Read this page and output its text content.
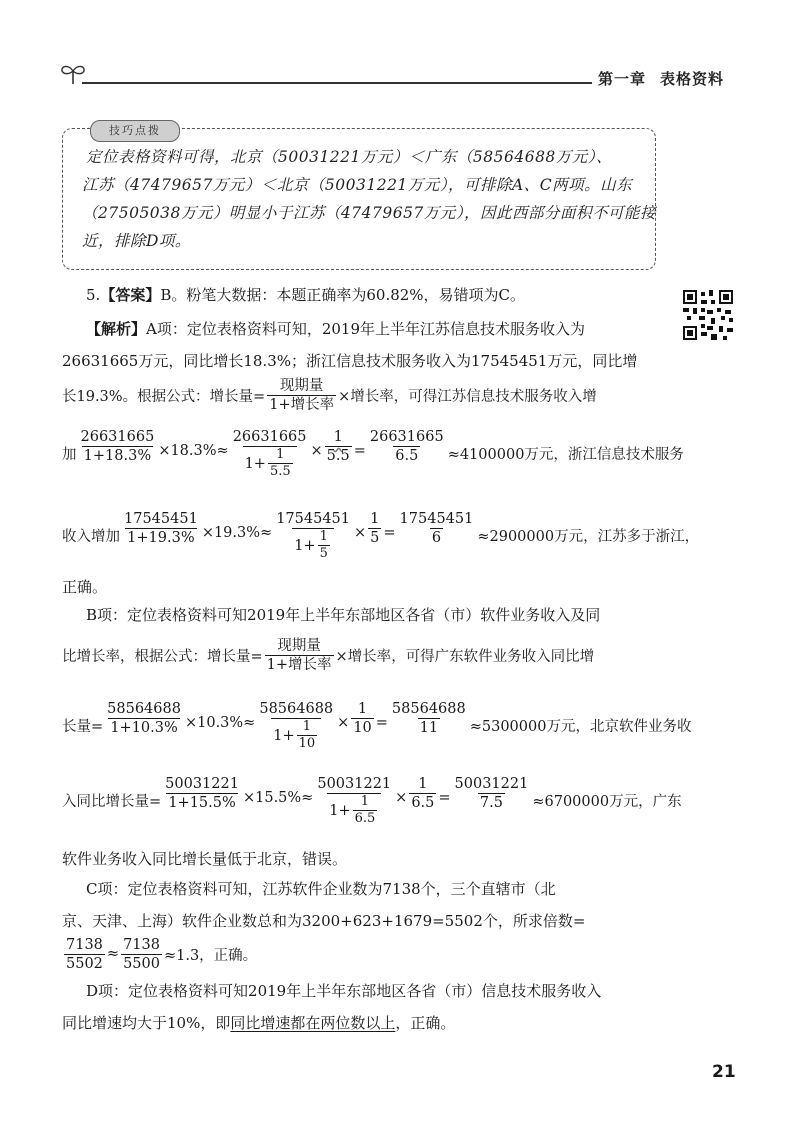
第一章 表格资料
技巧点拨
定位表格资料可得，北京（50031221万元）＜广东（58564688万元）、
江苏（47479657万元）＜北京（50031221万元），可排除A、C两项。山东
（27505038万元）明显小于江苏（47479657万元），因此西部分面积不可能接
近，排除D项。
5.【答案】B。粉笔大数据：本题正确率为60.82%，易错项为C。
【解析】A项：定位表格资料可知，2019年上半年江苏信息技术服务收入为
26631665万元，同比增长18.3%；浙江信息技术服务收入为17545451万元，同比增
长19.3%。根据公式：增长量= $\frac{\text{现期量}}{\text{1+增长率}}$ ×增长率 ，可得江苏信息技术服务收入增
加 $\frac{26631665}{1+18.3\%} \times 18.3\%\approx \frac{26631665}{1+ \frac{1}{5.5}} \times \frac{1}{5.5} = \frac{26631665}{6.5} \approx 4100000$万元，浙江信息技术服务
收入增加 $\frac{17545451}{1+19.3\%} \times 19.3\%\approx \frac{17545451}{1+ \frac{1}{5}} \times \frac{1}{5} = \frac{17545451}{6} \approx 2900000$万元，江苏多于浙江，
正确。
B项：定位表格资料可知2019年上半年东部地区各省（市）软件业务收入及同
比增长率，根据公式：增长量= $\frac{\text{现期量}}{\text{1+增长率}}$ ×增长率 ，可得广东软件业务收入同比增
长量= $\frac{58564688}{1+10.3\%} \times 10.3\%\approx \frac{58564688}{1+ \frac{1}{10}} \times \frac{1}{10} = \frac{58564688}{11} \approx 5300000$万元，北京软件业务收
入同比增长量= $\frac{50031221}{1+15.5\%} \times 15.5\%\approx \frac{50031221}{1+ \frac{1}{6.5}} \times \frac{1}{6.5} = \frac{50031221}{7.5} \approx 6700000$万元，广东
软件业务收入同比增长量低于北京，错误。
C项：定位表格资料可知，江苏软件企业数为7138个，三个直辖市（北
京、天津、上海）软件企业数总和为3200+623+1679=5502个，所求倍数=
$\frac{7138}{5502} \approx \frac{7138}{5500} \approx 1.3$，正确。
D项：定位表格资料可知2019年上半年东部地区各省（市）信息技术服务收入
同比增速均大于10%，即同比增速都在两位数以上，正确。
21
